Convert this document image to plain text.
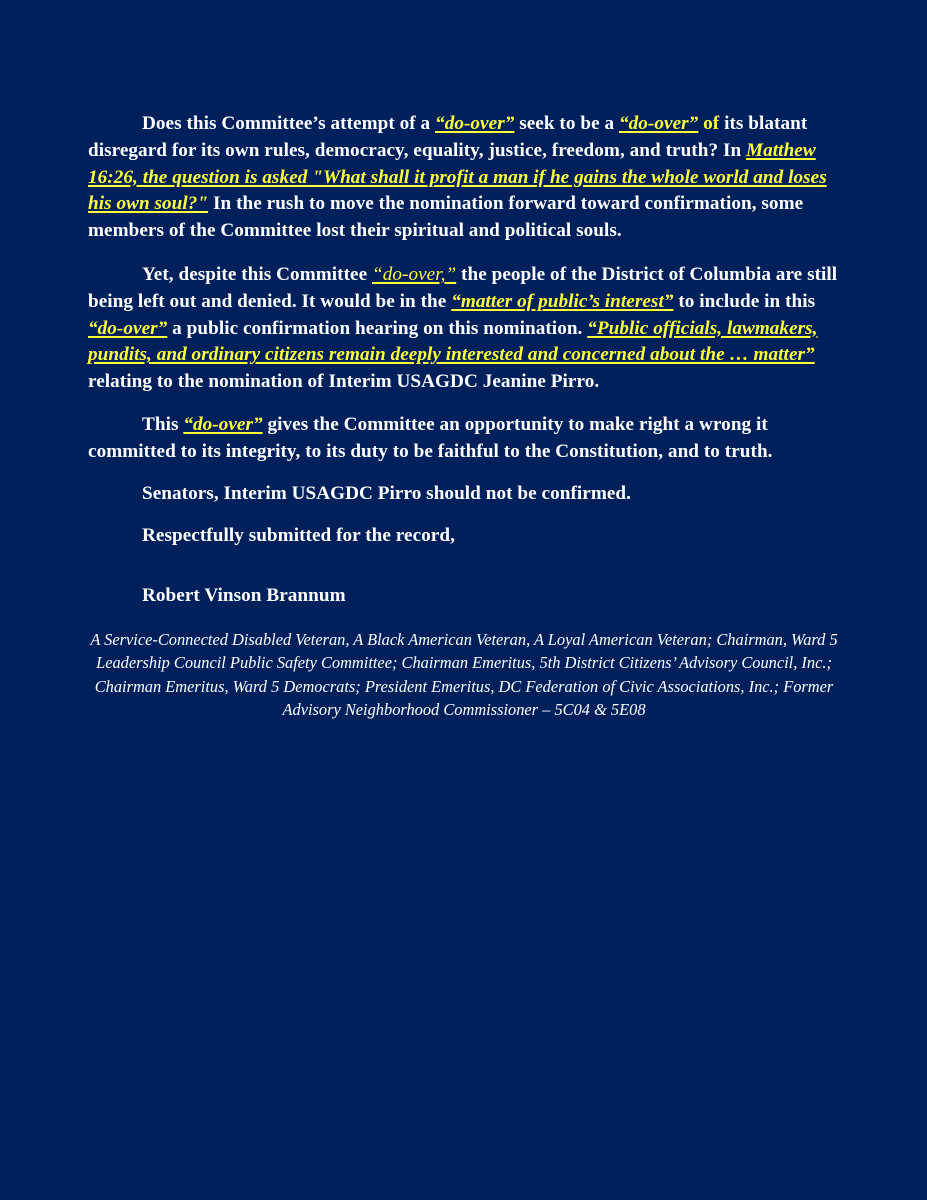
Does this Committee’s attempt of a “do-over” seek to be a “do-over” of its blatant disregard for its own rules, democracy, equality, justice, freedom, and truth? In Matthew 16:26, the question is asked "What shall it profit a man if he gains the whole world and loses his own soul?" In the rush to move the nomination forward toward confirmation, some members of the Committee lost their spiritual and political souls.

Yet, despite this Committee “do-over,” the people of the District of Columbia are still being left out and denied. It would be in the “matter of public’s interest” to include in this “do-over” a public confirmation hearing on this nomination. “Public officials, lawmakers, pundits, and ordinary citizens remain deeply interested and concerned about the … matter” relating to the nomination of Interim USAGDC Jeanine Pirro.

This “do-over” gives the Committee an opportunity to make right a wrong it committed to its integrity, to its duty to be faithful to the Constitution, and to truth.

Senators, Interim USAGDC Pirro should not be confirmed.

Respectfully submitted for the record,

Robert Vinson Brannum

A Service-Connected Disabled Veteran, A Black American Veteran, A Loyal American Veteran; Chairman, Ward 5 Leadership Council Public Safety Committee; Chairman Emeritus, 5th District Citizens’ Advisory Council, Inc.; Chairman Emeritus, Ward 5 Democrats; President Emeritus, DC Federation of Civic Associations, Inc.; Former Advisory Neighborhood Commissioner – 5C04 & 5E08
